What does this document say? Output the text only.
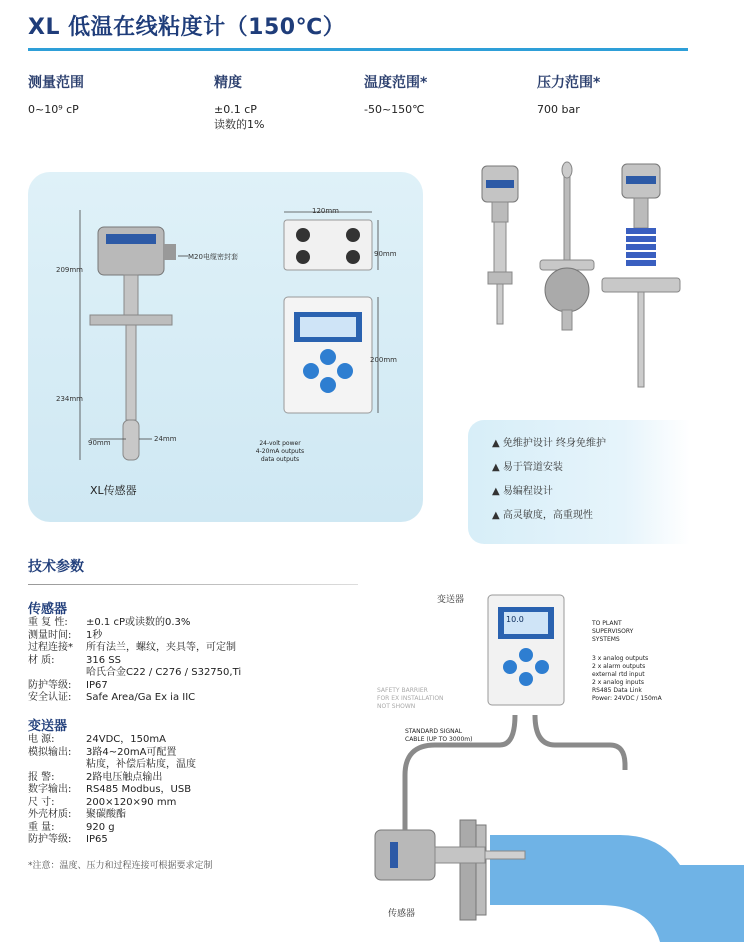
XL 低温在线粘度计（150℃）
测量范围
0~10⁹ cP
精度
±0.1 cP
读数的1%
温度范围*
-50~150℃
压力范围*
700 bar
209mm
234mm
90mm	24mm
M20电缆密封套
XL传感器
120mm
90mm
200mm
24-volt power
4-20mA outputs
data outputs
▲ 免维护设计 终身免维护
▲ 易于管道安装
▲ 易编程设计
▲ 高灵敏度，高重现性
技术参数
传感器
重 复 性: ±0.1 cP或读数的0.3%
测量时间: 1秒
过程连接* 所有法兰，螺纹，夹具等，可定制
材 质:	316 SS
哈氏合金C22 / C276 / S32750,Ti
防护等级: IP67
安全认证: Safe Area/Ga Ex ia IIC
变送器
电 源:	24VDC，150mA
模拟输出: 3路4~20mA可配置
粘度，补偿后粘度，温度
报 警:	2路电压触点输出
数字输出: RS485 Modbus，USB
尺 寸:	200×120×90 mm
外壳材质: 聚碳酸酯
重 量:	920 g
防护等级: IP65
*注意：温度、压力和过程连接可根据要求定制
变送器
传感器
10.0
SAFETY BARRIER
FOR EX INSTALLATION
NOT SHOWN
STANDARD SIGNAL
CABLE (UP TO 3000m)
TO PLANT
SUPERVISORY
SYSTEMS
3 x analog outputs
2 x alarm outputs
external rtd input
2 x analog inputs
RS485 Data Link
Power: 24VDC / 150mA
